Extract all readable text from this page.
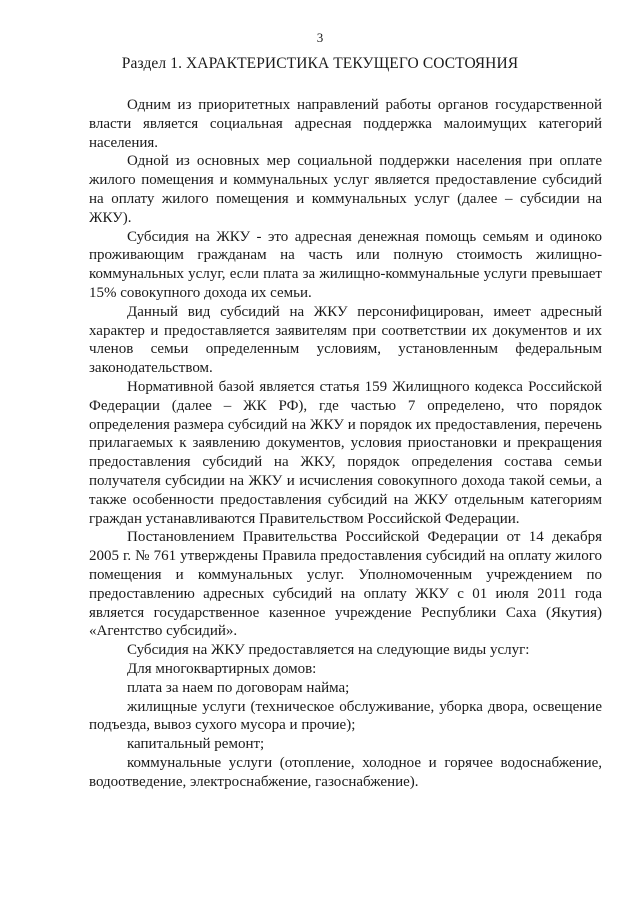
3
Раздел 1. ХАРАКТЕРИСТИКА ТЕКУЩЕГО СОСТОЯНИЯ

Одним из приоритетных направлений работы органов государственной власти является социальная адресная поддержка малоимущих категорий населения.

Одной из основных мер социальной поддержки населения при оплате жилого помещения и коммунальных услуг является предоставление субсидий на оплату жилого помещения и коммунальных услуг (далее – субсидии на ЖКУ).

Субсидия на ЖКУ - это адресная денежная помощь семьям и одиноко проживающим гражданам на часть или полную стоимость жилищно-коммунальных услуг, если плата за жилищно-коммунальные услуги превышает 15% совокупного дохода их семьи.

Данный вид субсидий на ЖКУ персонифицирован, имеет адресный характер и предоставляется заявителям при соответствии их документов и их членов семьи определенным условиям, установленным федеральным законодательством.

Нормативной базой является статья 159 Жилищного кодекса Российской Федерации (далее – ЖК РФ), где частью 7 определено, что порядок определения размера субсидий на ЖКУ и порядок их предоставления, перечень прилагаемых к заявлению документов, условия приостановки и прекращения предоставления субсидий на ЖКУ, порядок определения состава семьи получателя субсидии на ЖКУ и исчисления совокупного дохода такой семьи, а также особенности предоставления субсидий на ЖКУ отдельным категориям граждан устанавливаются Правительством Российской Федерации.

Постановлением Правительства Российской Федерации от 14 декабря 2005 г. № 761 утверждены Правила предоставления субсидий на оплату жилого помещения и коммунальных услуг. Уполномоченным учреждением по предоставлению адресных субсидий на оплату ЖКУ с 01 июля 2011 года является государственное казенное учреждение Республики Саха (Якутия) «Агентство субсидий».

Субсидия на ЖКУ предоставляется на следующие виды услуг:

Для многоквартирных домов:

плата за наем по договорам найма;

жилищные услуги (техническое обслуживание, уборка двора, освещение подъезда, вывоз сухого мусора и прочие);

капитальный ремонт;

коммунальные услуги (отопление, холодное и горячее водоснабжение, водоотведение, электроснабжение, газоснабжение).
